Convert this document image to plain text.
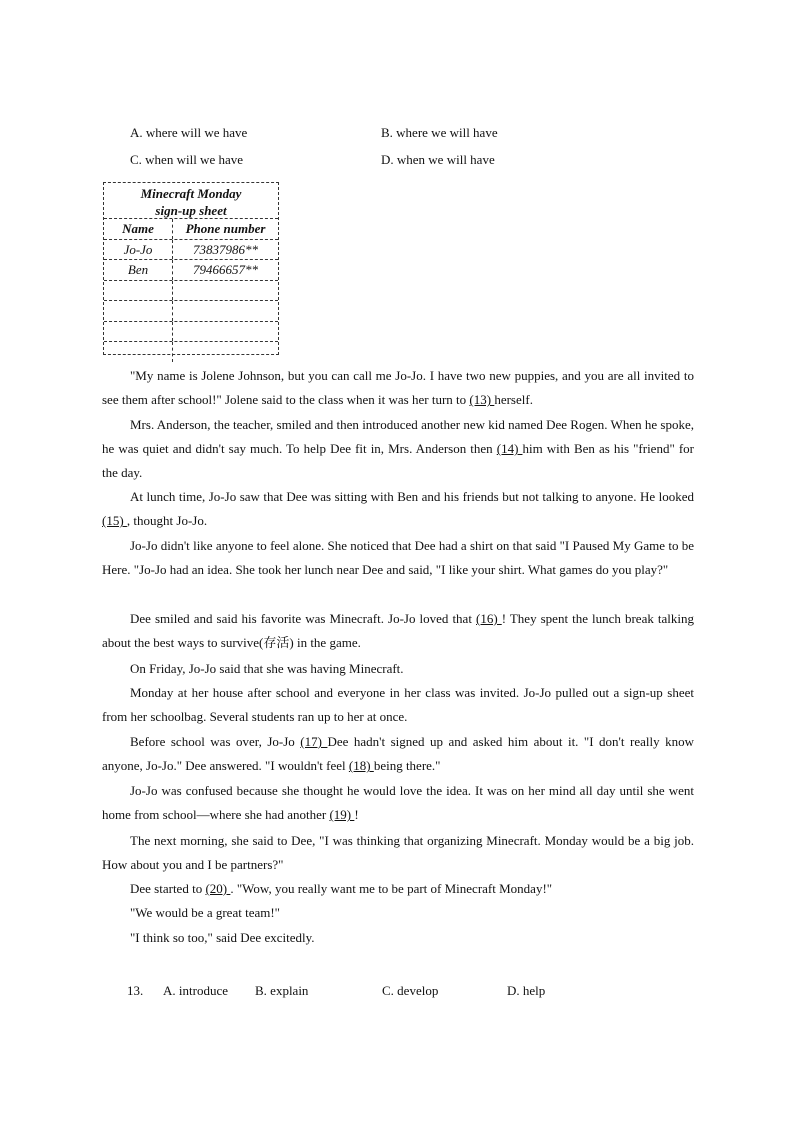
A. where will we have	B. where we will have
C. when will we have	D. when we will have
Minecraft Monday
sign-up sheet
Name	Phone number
Jo-Jo	73837986**
Ben	79466657**
"My name is Jolene Johnson, but you can call me Jo-Jo. I have two new puppies, and you are all invited to see them after school!" Jolene said to the class when it was her turn to (13) herself.
Mrs. Anderson, the teacher, smiled and then introduced another new kid named Dee Rogen. When he spoke, he was quiet and didn't say much. To help Dee fit in, Mrs. Anderson then (14) him with Ben as his "friend" for the day.
At lunch time, Jo-Jo saw that Dee was sitting with Ben and his friends but not talking to anyone. He looked (15) , thought Jo-Jo.
Jo-Jo didn't like anyone to feel alone. She noticed that Dee had a shirt on that said "I Paused My Game to be Here. "Jo-Jo had an idea. She took her lunch near Dee and said, "I like your shirt. What games do you play?"
Dee smiled and said his favorite was Minecraft. Jo-Jo loved that (16) ! They spent the lunch break talking about the best ways to survive(存活) in the game.
On Friday, Jo-Jo said that she was having Minecraft.
Monday at her house after school and everyone in her class was invited. Jo-Jo pulled out a sign-up sheet from her schoolbag. Several students ran up to her at once.
Before school was over, Jo-Jo (17) Dee hadn't signed up and asked him about it. "I don't really know anyone, Jo-Jo." Dee answered. "I wouldn't feel (18) being there."
Jo-Jo was confused because she thought he would love the idea. It was on her mind all day until she went home from school—where she had another (19) !
The next morning, she said to Dee, "I was thinking that organizing Minecraft. Monday would be a big job. How about you and I be partners?"
Dee started to (20) . "Wow, you really want me to be part of Minecraft Monday!"
"We would be a great team!"
"I think so too," said Dee excitedly.
13. A. introduce B. explain	C. develop	D. help
